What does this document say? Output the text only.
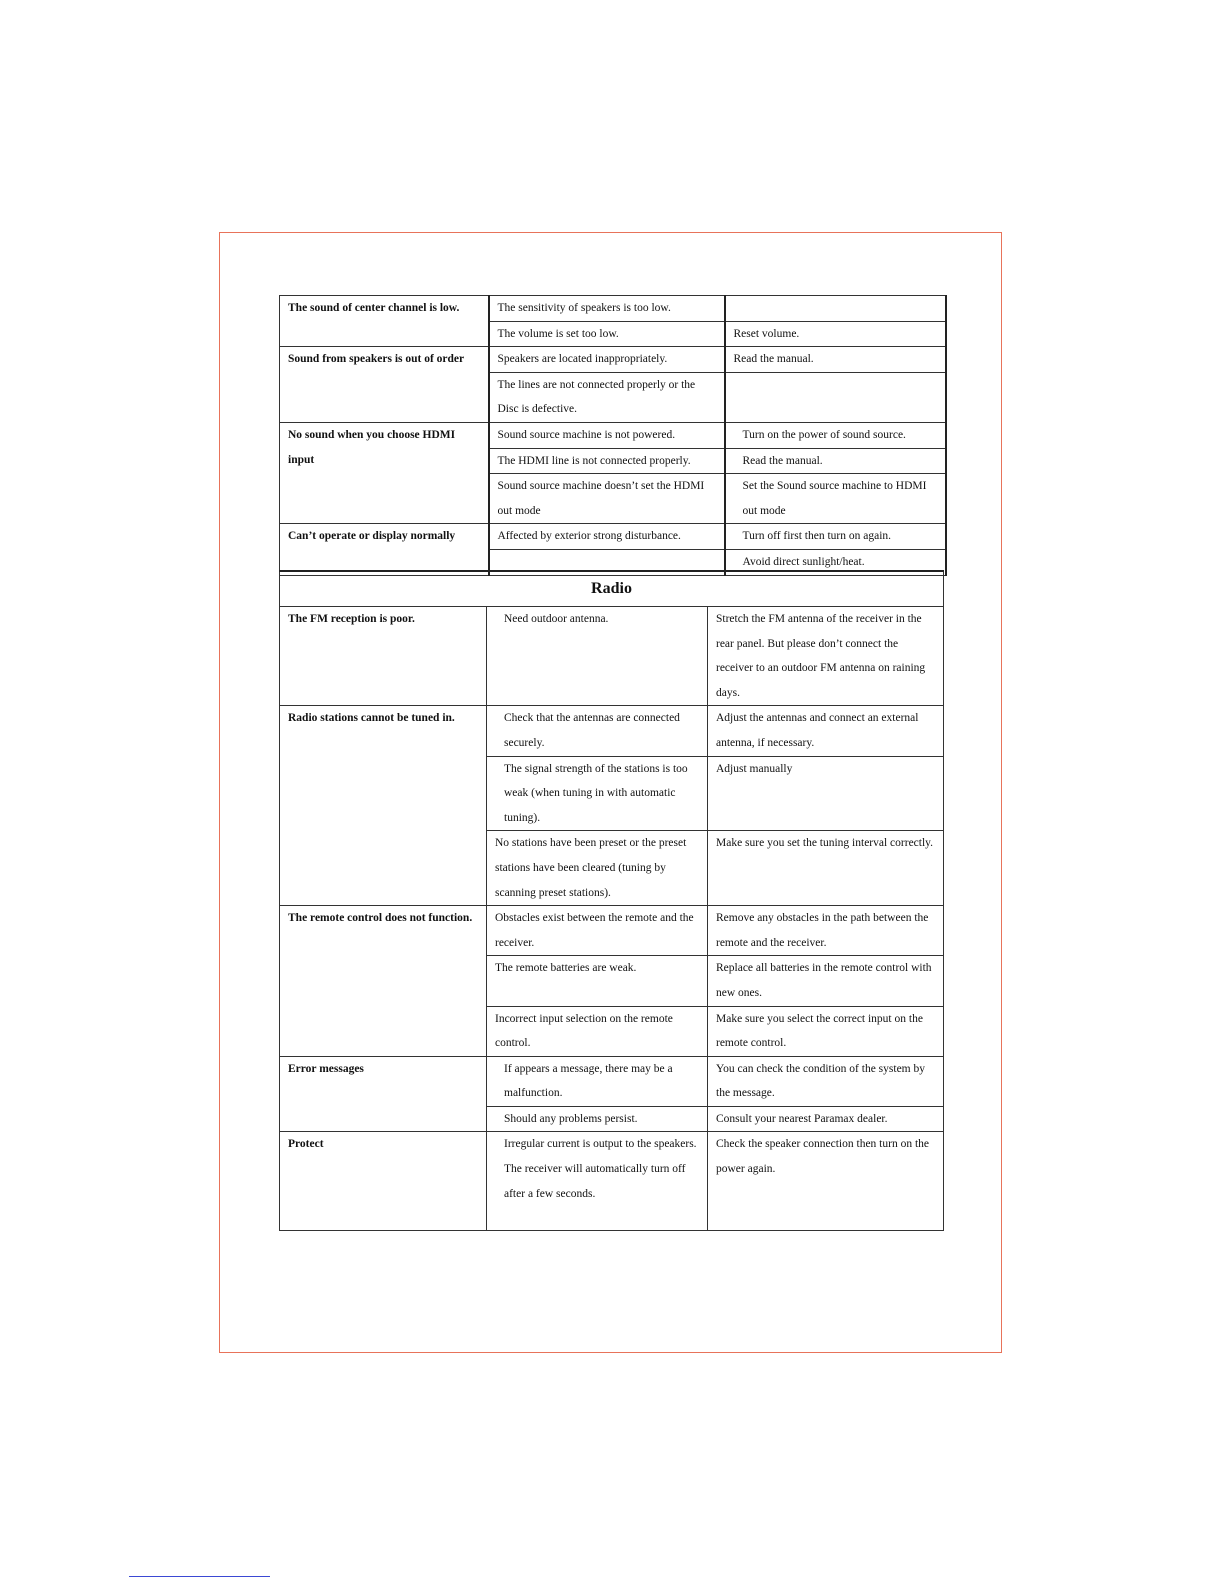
The sound of center channel is low.	The sensitivity of speakers is too low.	
	The volume is set too low.	Reset volume.
Sound from speakers is out of order	Speakers are located inappropriately.	Read the manual.
	The lines are not connected properly or the Disc is defective.	
No sound when you choose HDMI input	Sound source machine is not powered.	Turn on the power of sound source.
	The HDMI line is not connected properly.	Read the manual.
	Sound source machine doesn’t set the HDMI out mode	Set the Sound source machine to HDMI out mode
Can’t operate or display normally	Affected by exterior strong disturbance.	Turn off first then turn on again.
		Avoid direct sunlight/heat.
Radio		
The FM reception is poor.	Need outdoor antenna.	Stretch the FM antenna of the receiver in the rear panel. But please don’t connect the receiver to an outdoor FM antenna on raining days.
Radio stations cannot be tuned in.	Check that the antennas are connected securely.	Adjust the antennas and connect an external antenna, if necessary.
	The signal strength of the stations is too weak (when tuning in with automatic tuning).	Adjust manually
	No stations have been preset or the preset stations have been cleared (tuning by scanning preset stations).	Make sure you set the tuning interval correctly.
The remote control does not function.	Obstacles exist between the remote and the receiver.	Remove any obstacles in the path between the remote and the receiver.
	The remote batteries are weak.	Replace all batteries in the remote control with new ones.
	Incorrect input selection on the remote control.	Make sure you select the correct input on the remote control.
Error messages	If appears a message, there may be a malfunction.	You can check the condition of the system by the message.
	Should any problems persist.	Consult your nearest Paramax dealer.
Protect	Irregular current is output to the speakers. The receiver will automatically turn off after a few seconds.	Check the speaker connection then turn on the power again.
